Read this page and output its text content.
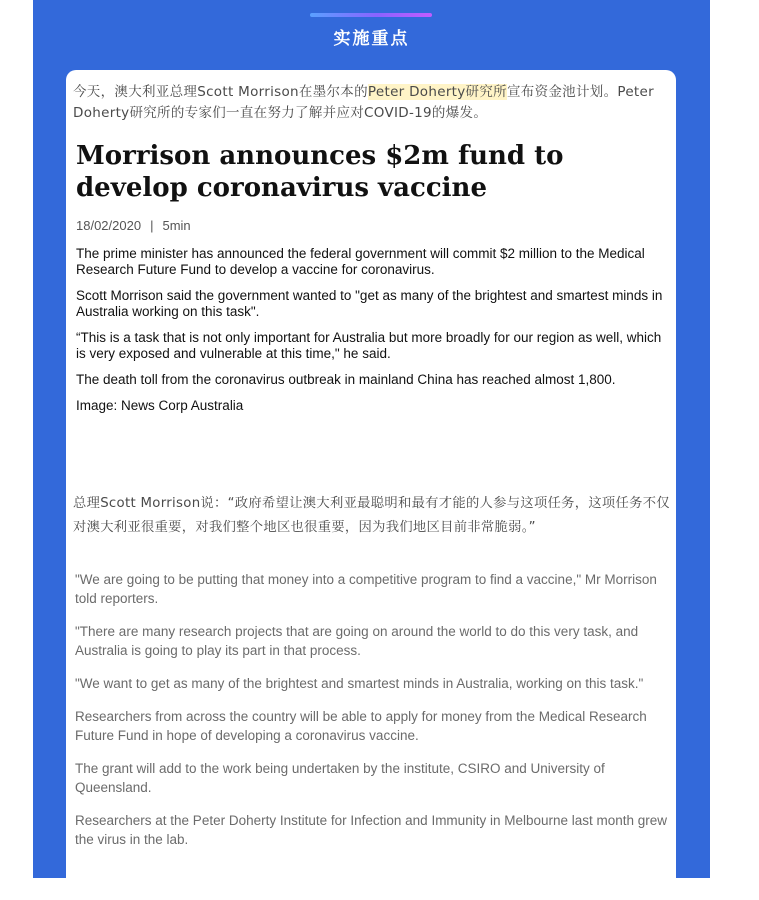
实施重点
今天，澳大利亚总理Scott Morrison在墨尔本的Peter Doherty研究所宣布资金池计划。Peter Doherty研究所的专家们一直在努力了解并应对COVID-19的爆发。
Morrison announces $2m fund to develop coronavirus vaccine
18/02/2020 | 5min

The prime minister has announced the federal government will commit $2 million to the Medical Research Future Fund to develop a vaccine for coronavirus.

Scott Morrison said the government wanted to "get as many of the brightest and smartest minds in Australia working on this task".

“This is a task that is not only important for Australia but more broadly for our region as well, which is very exposed and vulnerable at this time," he said.

The death toll from the coronavirus outbreak in mainland China has reached almost 1,800.

Image: News Corp Australia

总理Scott Morrison说：“政府希望让澳大利亚最聪明和最有才能的人参与这项任务，这项任务不仅对澳大利亚很重要，对我们整个地区也很重要，因为我们地区目前非常脆弱。”

"We are going to be putting that money into a competitive program to find a vaccine," Mr Morrison told reporters.

"There are many research projects that are going on around the world to do this very task, and Australia is going to play its part in that process.

"We want to get as many of the brightest and smartest minds in Australia, working on this task."

Researchers from across the country will be able to apply for money from the Medical Research Future Fund in hope of developing a coronavirus vaccine.

The grant will add to the work being undertaken by the institute, CSIRO and University of Queensland.

Researchers at the Peter Doherty Institute for Infection and Immunity in Melbourne last month grew the virus in the lab.
